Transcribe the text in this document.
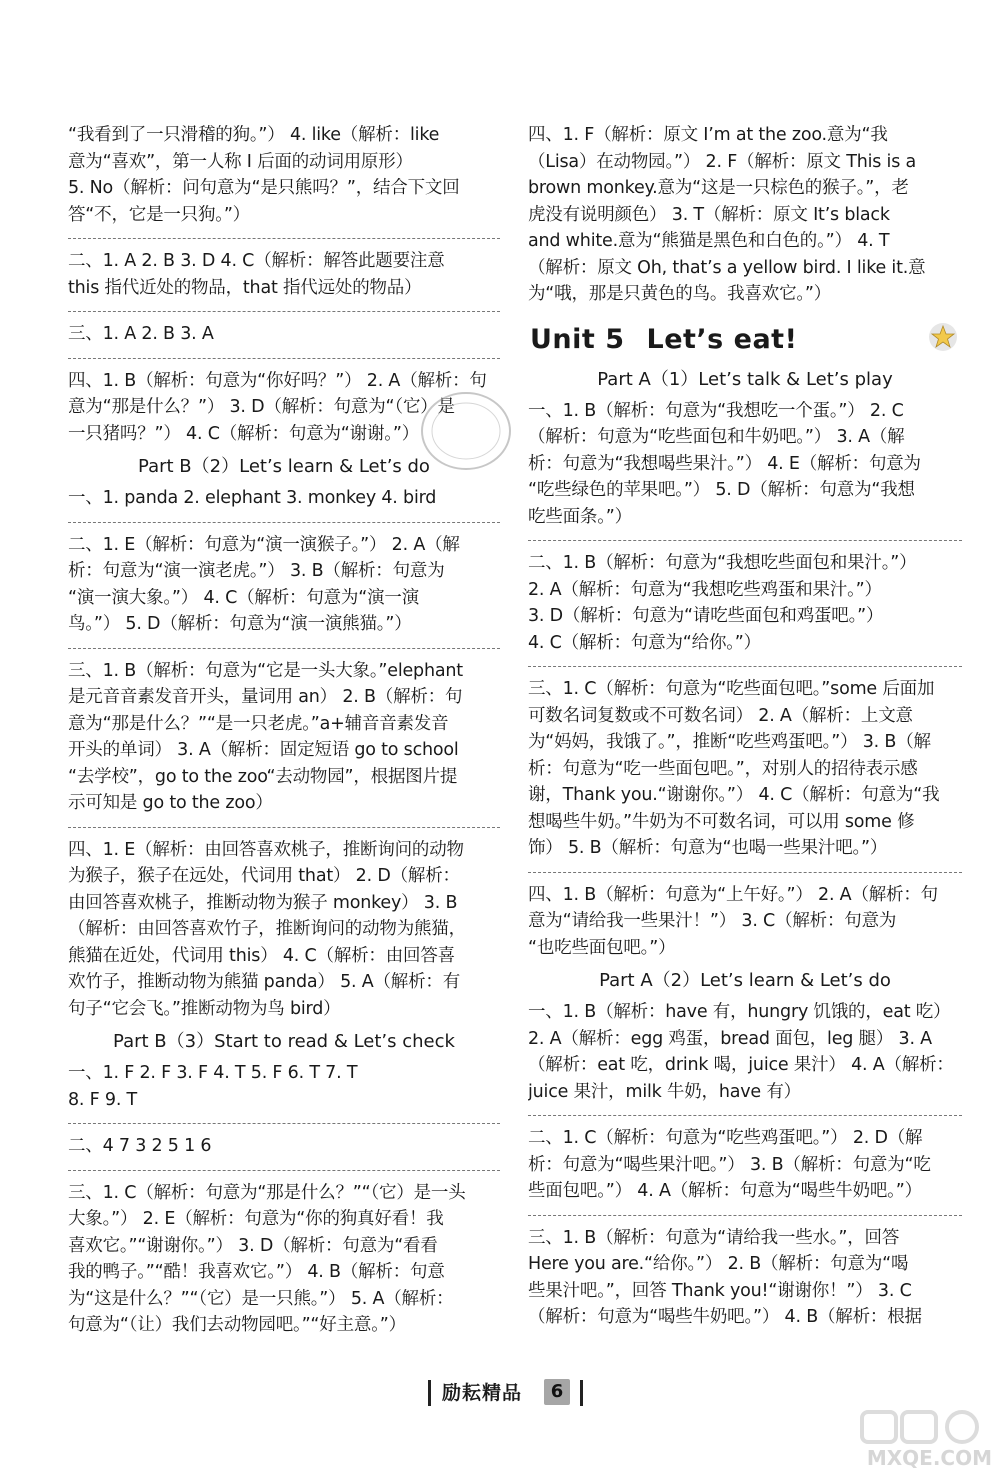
“我看到了一只滑稽的狗。”） 4. like（解析：like
意为“喜欢”，第一人称 I 后面的动词用原形）
5. No（解析：问句意为“是只熊吗？”，结合下文回
答“不，它是一只狗。”）
二、1. A 2. B 3. D 4. C（解析：解答此题要注意
this 指代近处的物品，that 指代远处的物品）
三、1. A 2. B 3. A
四、1. B（解析：句意为“你好吗？”） 2. A（解析：句
意为“那是什么？”） 3. D（解析：句意为“（它）是
一只猪吗？”） 4. C（解析：句意为“谢谢。”）
Part B（2）Let’s learn & Let’s do
一、1. panda 2. elephant 3. monkey 4. bird
二、1. E（解析：句意为“演一演猴子。”） 2. A（解
析：句意为“演一演老虎。”） 3. B（解析：句意为
“演一演大象。”） 4. C（解析：句意为“演一演
鸟。”） 5. D（解析：句意为“演一演熊猫。”）
三、1. B（解析：句意为“它是一头大象。”elephant
是元音音素发音开头，量词用 an） 2. B（解析：句
意为“那是什么？”“是一只老虎。”a+辅音音素发音
开头的单词） 3. A（解析：固定短语 go to school
“去学校”，go to the zoo“去动物园”，根据图片提
示可知是 go to the zoo）
四、1. E（解析：由回答喜欢桃子，推断询问的动物
为猴子，猴子在远处，代词用 that） 2. D（解析：
由回答喜欢桃子，推断动物为猴子 monkey） 3. B
（解析：由回答喜欢竹子，推断询问的动物为熊猫，
熊猫在近处，代词用 this） 4. C（解析：由回答喜
欢竹子，推断动物为熊猫 panda） 5. A（解析：有
句子“它会飞。”推断动物为鸟 bird）
Part B（3）Start to read & Let’s check
一、1. F 2. F 3. F 4. T 5. F 6. T 7. T
8. F 9. T
二、4 7 3 2 5 1 6
三、1. C（解析：句意为“那是什么？”“（它）是一头
大象。”） 2. E（解析：句意为“你的狗真好看！我
喜欢它。”“谢谢你。”） 3. D（解析：句意为“看看
我的鸭子。”“酷！我喜欢它。”） 4. B（解析：句意
为“这是什么？”“（它）是一只熊。”） 5. A（解析：
句意为“（让）我们去动物园吧。”“好主意。”）
四、1. F（解析：原文 I’m at the zoo.意为“我
（Lisa）在动物园。”） 2. F（解析：原文 This is a
brown monkey.意为“这是一只棕色的猴子。”，老
虎没有说明颜色） 3. T（解析：原文 It’s black
and white.意为“熊猫是黑色和白色的。”） 4. T
（解析：原文 Oh, that’s a yellow bird. I like it.意
为“哦，那是只黄色的鸟。我喜欢它。”）
Unit 5 Let’s eat!
Part A（1）Let’s talk & Let’s play
一、1. B（解析：句意为“我想吃一个蛋。”） 2. C
（解析：句意为“吃些面包和牛奶吧。”） 3. A（解
析：句意为“我想喝些果汁。”） 4. E（解析：句意为
“吃些绿色的苹果吧。”） 5. D（解析：句意为“我想
吃些面条。”）
二、1. B（解析：句意为“我想吃些面包和果汁。”）
2. A（解析：句意为“我想吃些鸡蛋和果汁。”）
3. D（解析：句意为“请吃些面包和鸡蛋吧。”）
4. C（解析：句意为“给你。”）
三、1. C（解析：句意为“吃些面包吧。”some 后面加
可数名词复数或不可数名词） 2. A（解析：上文意
为“妈妈，我饿了。”，推断“吃些鸡蛋吧。”） 3. B（解
析：句意为“吃一些面包吧。”，对别人的招待表示感
谢，Thank you.“谢谢你。”） 4. C（解析：句意为“我
想喝些牛奶。”牛奶为不可数名词，可以用 some 修
饰） 5. B（解析：句意为“也喝一些果汁吧。”）
四、1. B（解析：句意为“上午好。”） 2. A（解析：句
意为“请给我一些果汁！”） 3. C（解析：句意为
“也吃些面包吧。”）
Part A（2）Let’s learn & Let’s do
一、1. B（解析：have 有，hungry 饥饿的，eat 吃）
2. A（解析：egg 鸡蛋，bread 面包，leg 腿） 3. A
（解析：eat 吃，drink 喝，juice 果汁） 4. A（解析：
juice 果汁，milk 牛奶，have 有）
二、1. C（解析：句意为“吃些鸡蛋吧。”） 2. D（解
析：句意为“喝些果汁吧。”） 3. B（解析：句意为“吃
些面包吧。”） 4. A（解析：句意为“喝些牛奶吧。”）
三、1. B（解析：句意为“请给我一些水。”，回答
Here you are.“给你。”） 2. B（解析：句意为“喝
些果汁吧。”，回答 Thank you!“谢谢你！”） 3. C
（解析：句意为“喝些牛奶吧。”） 4. B（解析：根据
励耘精品	6
MXQE.COM
